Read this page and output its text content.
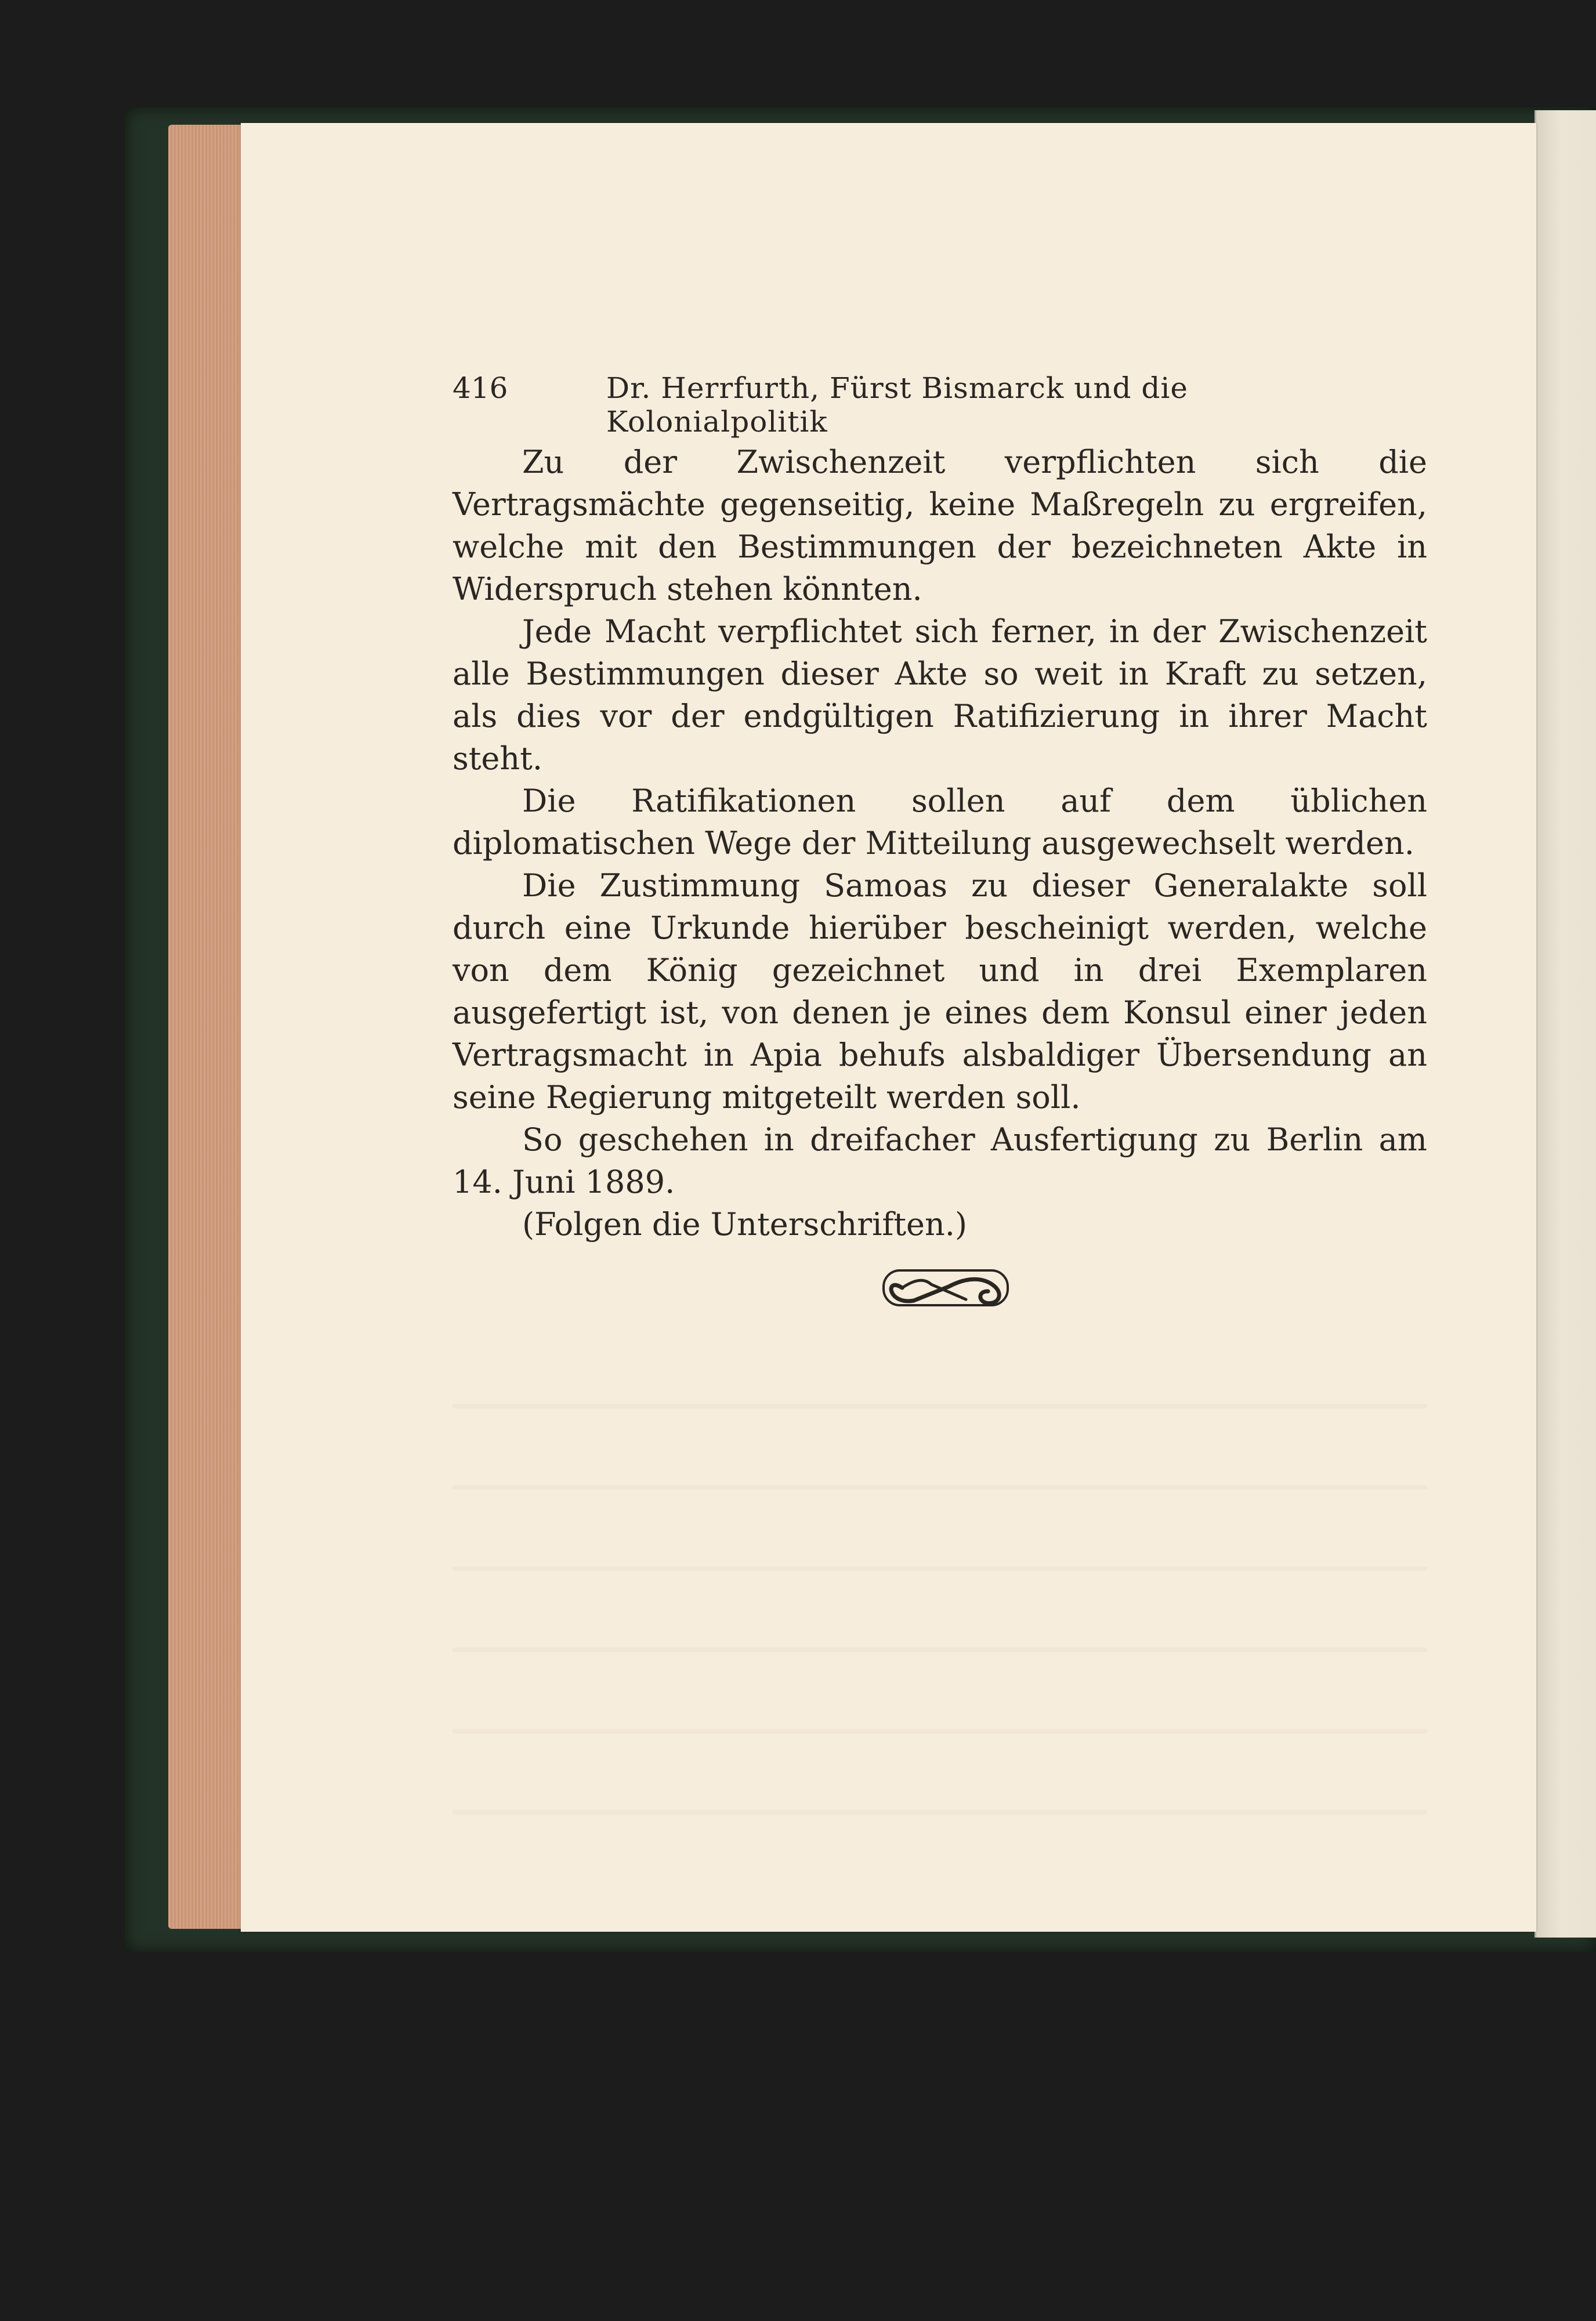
416	Dr. Herrfurth, Fürst Bismarck und die Kolonialpolitik

Zu der Zwischenzeit verpflichten sich die Vertragsmächte gegenseitig, keine Maßregeln zu ergreifen, welche mit den Bestimmungen der bezeichneten Akte in Widerspruch stehen könnten.

Jede Macht verpflichtet sich ferner, in der Zwischenzeit alle Bestimmungen dieser Akte so weit in Kraft zu setzen, als dies vor der endgültigen Ratifizierung in ihrer Macht steht.

Die Ratifikationen sollen auf dem üblichen diplomatischen Wege der Mitteilung ausgewechselt werden.

Die Zustimmung Samoas zu dieser Generalakte soll durch eine Urkunde hierüber bescheinigt werden, welche von dem König gezeichnet und in drei Exemplaren ausgefertigt ist, von denen je eines dem Konsul einer jeden Vertragsmacht in Apia behufs alsbaldiger Übersendung an seine Regierung mitgeteilt werden soll.

So geschehen in dreifacher Ausfertigung zu Berlin am 14. Juni 1889.

(Folgen die Unterschriften.)
